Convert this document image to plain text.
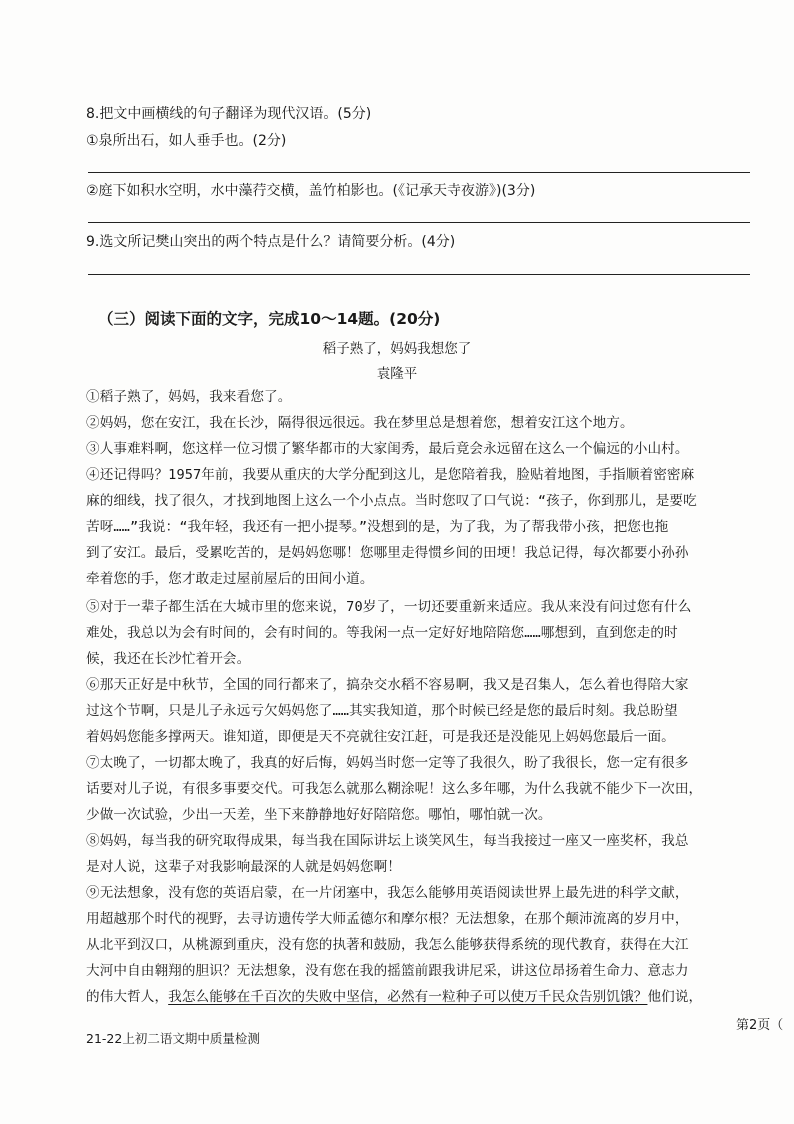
8.把文中画横线的句子翻译为现代汉语。(5分)
①泉所出石，如人垂手也。(2分)
②庭下如积水空明，水中藻荇交横，盖竹柏影也。(《记承天寺夜游》)(3分)
9.选文所记樊山突出的两个特点是什么？请简要分析。(4分)
（三）阅读下面的文字，完成10～14题。(20分)
稻子熟了，妈妈我想您了
袁隆平
①稻子熟了，妈妈，我来看您了。
②妈妈，您在安江，我在长沙，隔得很远很远。我在梦里总是想着您，想着安江这个地方。
③人事难料啊，您这样一位习惯了繁华都市的大家闺秀，最后竟会永远留在这么一个偏远的小山村。
④还记得吗？1957年前，我要从重庆的大学分配到这儿，是您陪着我，脸贴着地图，手指顺着密密麻
麻的细线，找了很久，才找到地图上这么一个小点点。当时您叹了口气说：“孩子，你到那儿，是要吃
苦呀……”我说：“我年轻，我还有一把小提琴。”没想到的是，为了我，为了帮我带小孩，把您也拖
到了安江。最后，受累吃苦的，是妈妈您哪！您哪里走得惯乡间的田埂！我总记得，每次都要小孙孙
牵着您的手，您才敢走过屋前屋后的田间小道。
⑤对于一辈子都生活在大城市里的您来说，70岁了，一切还要重新来适应。我从来没有问过您有什么
难处，我总以为会有时间的，会有时间的。等我闲一点一定好好地陪陪您……哪想到，直到您走的时
候，我还在长沙忙着开会。
⑥那天正好是中秋节，全国的同行都来了，搞杂交水稻不容易啊，我又是召集人，怎么着也得陪大家
过这个节啊，只是儿子永远亏欠妈妈您了……其实我知道，那个时候已经是您的最后时刻。我总盼望
着妈妈您能多撑两天。谁知道，即便是天不亮就往安江赶，可是我还是没能见上妈妈您最后一面。
⑦太晚了，一切都太晚了，我真的好后悔，妈妈当时您一定等了我很久，盼了我很长，您一定有很多
话要对儿子说，有很多事要交代。可我怎么就那么糊涂呢！这么多年哪，为什么我就不能少下一次田，
少做一次试验，少出一天差，坐下来静静地好好陪陪您。哪怕，哪怕就一次。
⑧妈妈，每当我的研究取得成果，每当我在国际讲坛上谈笑风生，每当我接过一座又一座奖杯，我总
是对人说，这辈子对我影响最深的人就是妈妈您啊！
⑨无法想象，没有您的英语启蒙，在一片闭塞中，我怎么能够用英语阅读世界上最先进的科学文献，
用超越那个时代的视野，去寻访遗传学大师孟德尔和摩尔根？无法想象，在那个颠沛流离的岁月中，
从北平到汉口，从桃源到重庆，没有您的执著和鼓励，我怎么能够获得系统的现代教育，获得在大江
大河中自由翱翔的胆识？无法想象，没有您在我的摇篮前跟我讲尼采，讲这位昂扬着生命力、意志力
的伟大哲人，我怎么能够在千百次的失败中坚信，必然有一粒种子可以使万千民众告别饥饿？他们说，
第2页（
21-22上初二语文期中质量检测
